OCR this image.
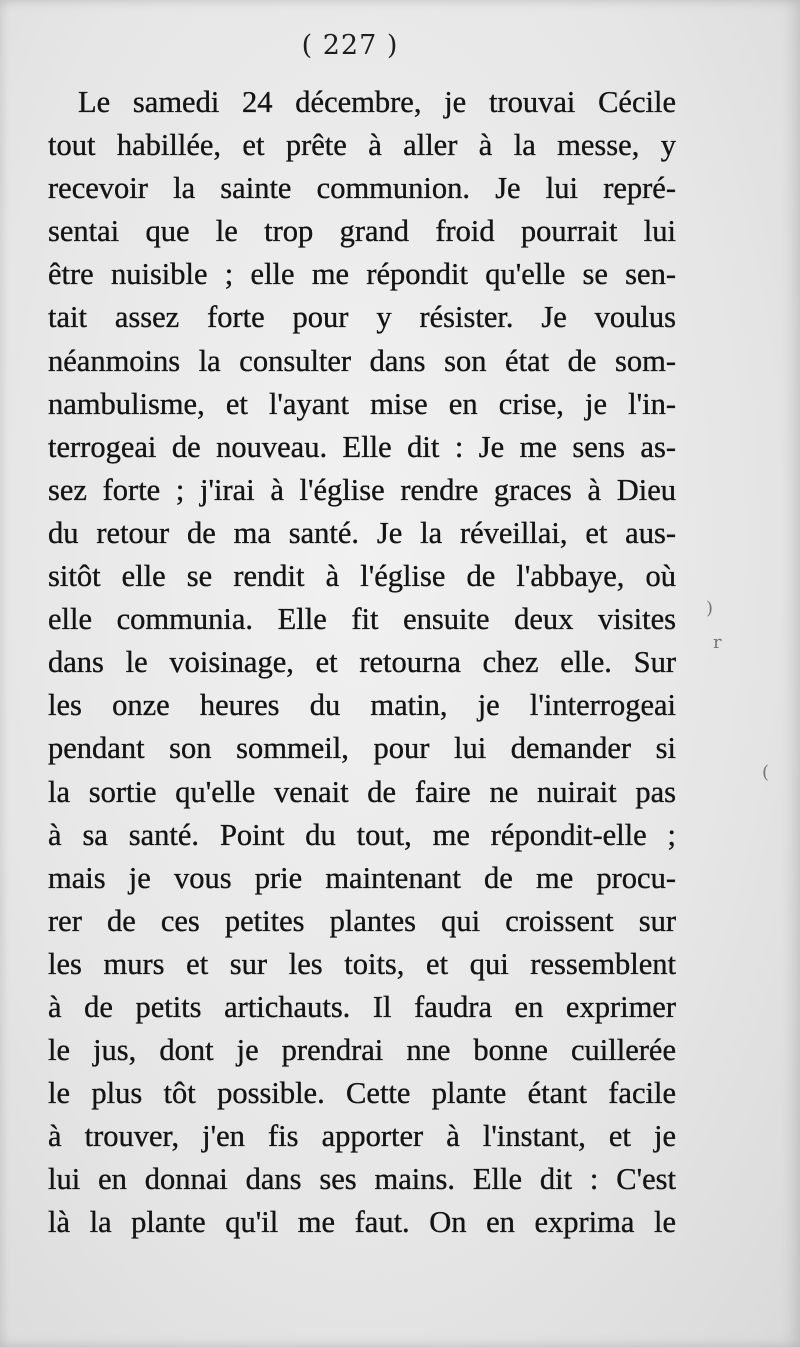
( 227 )
Le samedi 24 décembre, je trouvai Cécile
tout habillée, et prête à aller à la messe, y
recevoir la sainte communion. Je lui repré-
sentai que le trop grand froid pourrait lui
être nuisible ; elle me répondit qu'elle se sen-
tait assez forte pour y résister. Je voulus
néanmoins la consulter dans son état de som-
nambulisme, et l'ayant mise en crise, je l'in-
terrogeai de nouveau. Elle dit : Je me sens as-
sez forte ; j'irai à l'église rendre graces à Dieu
du retour de ma santé. Je la réveillai, et aus-
sitôt elle se rendit à l'église de l'abbaye, où
elle communia. Elle fit ensuite deux visites
dans le voisinage, et retourna chez elle. Sur
les onze heures du matin, je l'interrogeai
pendant son sommeil, pour lui demander si
la sortie qu'elle venait de faire ne nuirait pas
à sa santé. Point du tout, me répondit-elle ;
mais je vous prie maintenant de me procu-
rer de ces petites plantes qui croissent sur
les murs et sur les toits, et qui ressemblent
à de petits artichauts. Il faudra en exprimer
le jus, dont je prendrai nne bonne cuillerée
le plus tôt possible. Cette plante étant facile
à trouver, j'en fis apporter à l'instant, et je
lui en donnai dans ses mains. Elle dit : C'est
là la plante qu'il me faut. On en exprima le
)
r
(
